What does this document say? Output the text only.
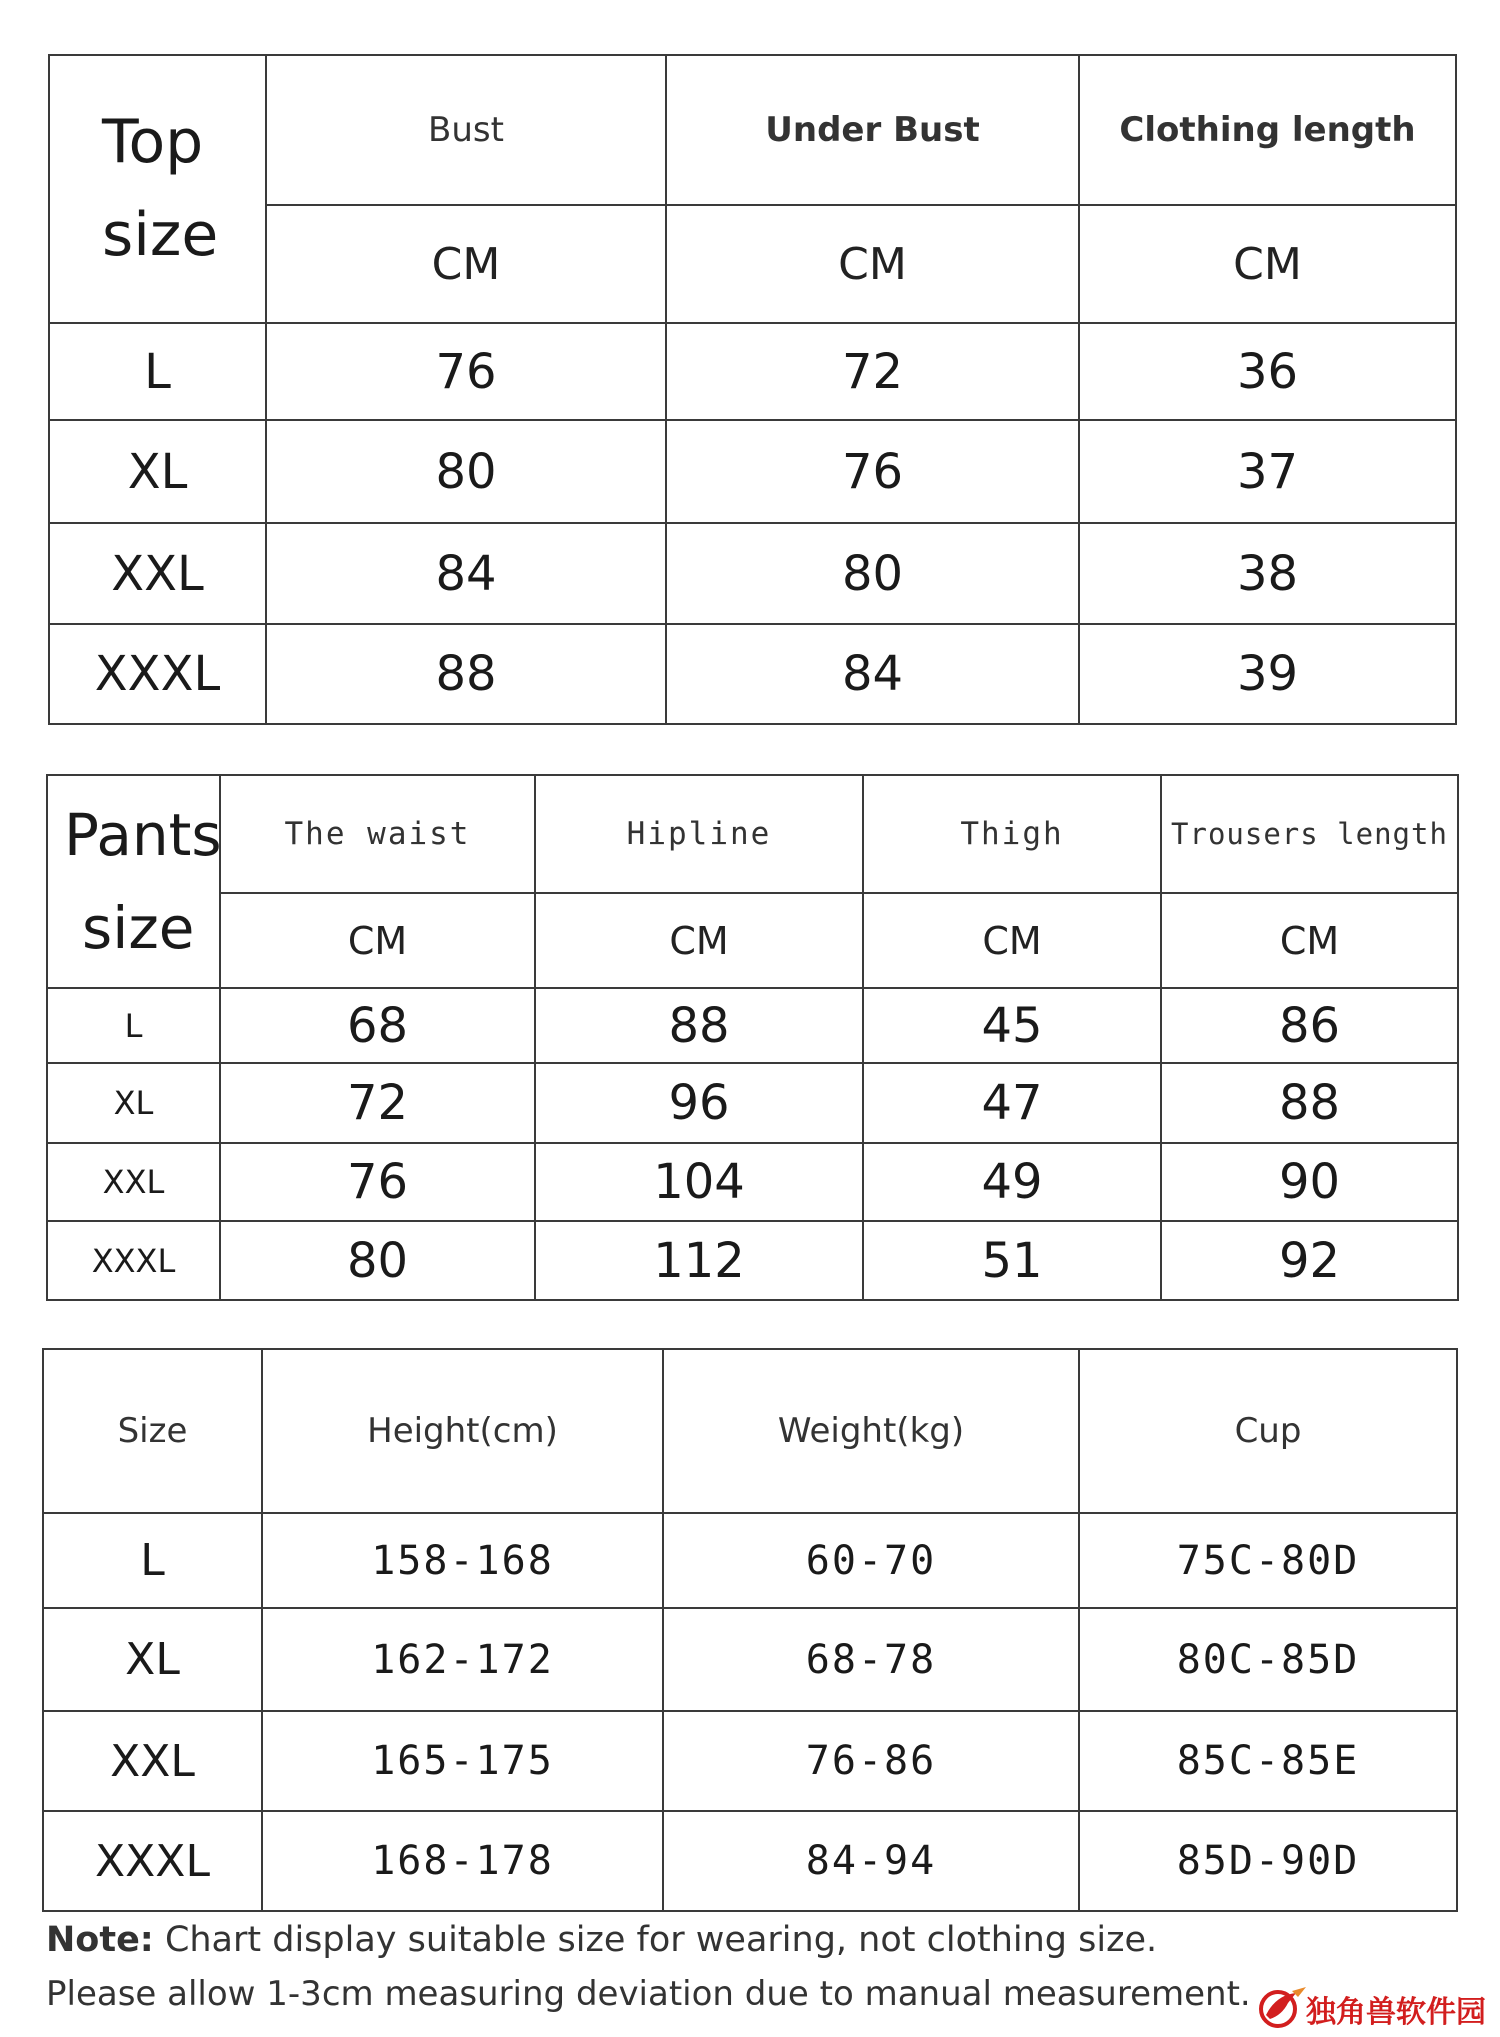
Top
size	Bust	Under Bust	Clothing length
	CM	CM	CM
L	76	72	36
XL	80	76	37
XXL	84	80	38
XXXL	88	84	39
Pants
size	The waist	Hipline	Thigh	Trousers length
	CM	CM	CM	CM
L	68	88	45	86
XL	72	96	47	88
XXL	76	104	49	90
XXXL	80	112	51	92
Size	Height(cm)	Weight(kg)	Cup
L	158-168	60-70	75C-80D
XL	162-172	68-78	80C-85D
XXL	165-175	76-86	85C-85E
XXXL	168-178	84-94	85D-90D
Note: Chart display suitable size for wearing, not clothing size.
Please allow 1-3cm measuring deviation due to manual measurement. 独角兽软件园
